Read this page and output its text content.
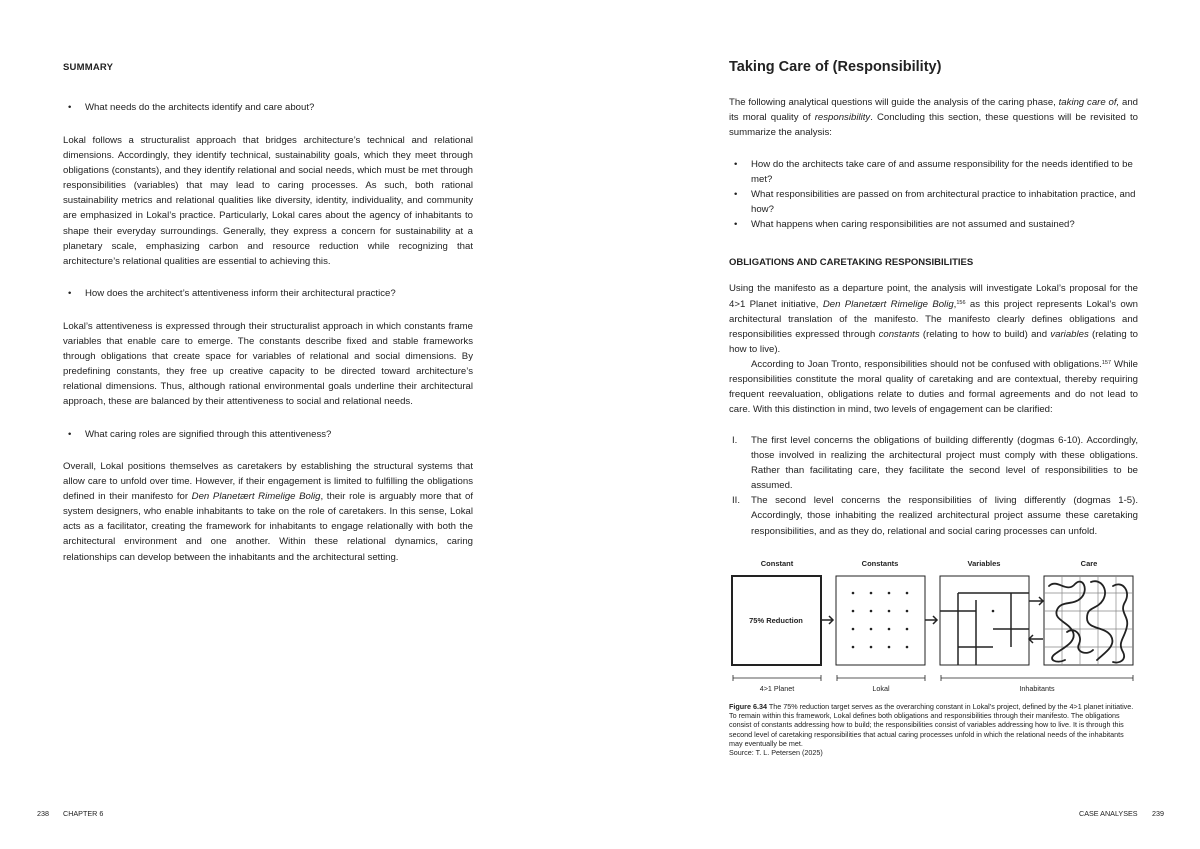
SUMMARY
• What needs do the architects identify and care about?
Lokal follows a structuralist approach that bridges architecture’s technical and relational dimensions. Accordingly, they identify technical, sustainability goals, which they meet through obligations (constants), and they identify relational and social needs, which must be met through responsibilities (variables) that may lead to caring processes. As such, both rational sustainability metrics and relational qualities like diversity, identity, individuality, and community are emphasized in Lokal’s practice. Particularly, Lokal cares about the agency of inhabitants to shape their everyday surroundings. Generally, they express a concern for sustainability at a planetary scale, emphasizing carbon and resource reduction while recognizing that architecture’s relational qualities are essential to achieving this.
• How does the architect’s attentiveness inform their architectural practice?
Lokal’s attentiveness is expressed through their structuralist approach in which constants frame variables that enable care to emerge. The constants describe fixed and stable frameworks through obligations that create space for variables of relational and social dimensions. By predefining constants, they free up creative capacity to be directed toward architecture’s relational dimensions. Thus, although rational environmental goals underline their architectural approach, these are balanced by their attentiveness to social and relational needs.
• What caring roles are signified through this attentiveness?
Overall, Lokal positions themselves as caretakers by establishing the structural systems that allow care to unfold over time. However, if their engagement is limited to fulfilling the obligations defined in their manifesto for Den Planetært Rimelige Bolig, their role is arguably more that of system designers, who enable inhabitants to take on the role of caretakers. In this sense, Lokal acts as a facilitator, creating the framework for inhabitants to engage relationally with both the architectural environment and one another. Within these relational dynamics, caring relationships can develop between the inhabitants and the architectural setting.
238 CHAPTER 6
Taking Care of (Responsibility)
The following analytical questions will guide the analysis of the caring phase, taking care of, and its moral quality of responsibility. Concluding this section, these questions will be revisited to summarize the analysis:
• How do the architects take care of and assume responsibility for the needs identified to be met?
• What responsibilities are passed on from architectural practice to inhabitation practice, and how?
• What happens when caring responsibilities are not assumed and sustained?
OBLIGATIONS AND CARETAKING RESPONSIBILITIES
Using the manifesto as a departure point, the analysis will investigate Lokal’s proposal for the 4>1 Planet initiative, Den Planetært Rimelige Bolig,$^{156}$ as this project represents Lokal’s own architectural translation of the manifesto. The manifesto clearly defines obligations and responsibilities expressed through constants (relating to how to build) and variables (relating to how to live).
According to Joan Tronto, responsibilities should not be confused with obligations.$^{157}$ While responsibilities constitute the moral quality of caretaking and are contextual, thereby requiring frequent reevaluation, obligations relate to duties and formal agreements and do not lead to care. With this distinction in mind, two levels of engagement can be clarified:
I. The first level concerns the obligations of building differently (dogmas 6-10). Accordingly, those involved in realizing the architectural project must comply with these obligations. Rather than facilitating care, they facilitate the second level of responsibilities to be assumed.
II. The second level concerns the responsibilities of living differently (dogmas 1-5). Accordingly, those inhabiting the realized architectural project assume these caretaking responsibilities, and as they do, relational and social caring processes can unfold.
CASE ANALYSES 239
Constant	Constants	Variables	Care
75% Reduction
4>1 Planet	Lokal	Inhabitants
Figure 6.34 The 75% reduction target serves as the overarching constant in Lokal’s project, defined by the 4>1 planet initiative. To remain within this framework, Lokal defines both obligations and responsibilities through their manifesto. The obligations consist of constants addressing how to build; the responsibilities consist of variables addressing how to live. It is through this second level of caretaking responsibilities that actual caring processes unfold in which the relational needs of the inhabitants may eventually be met.
Source: T. L. Petersen (2025)
